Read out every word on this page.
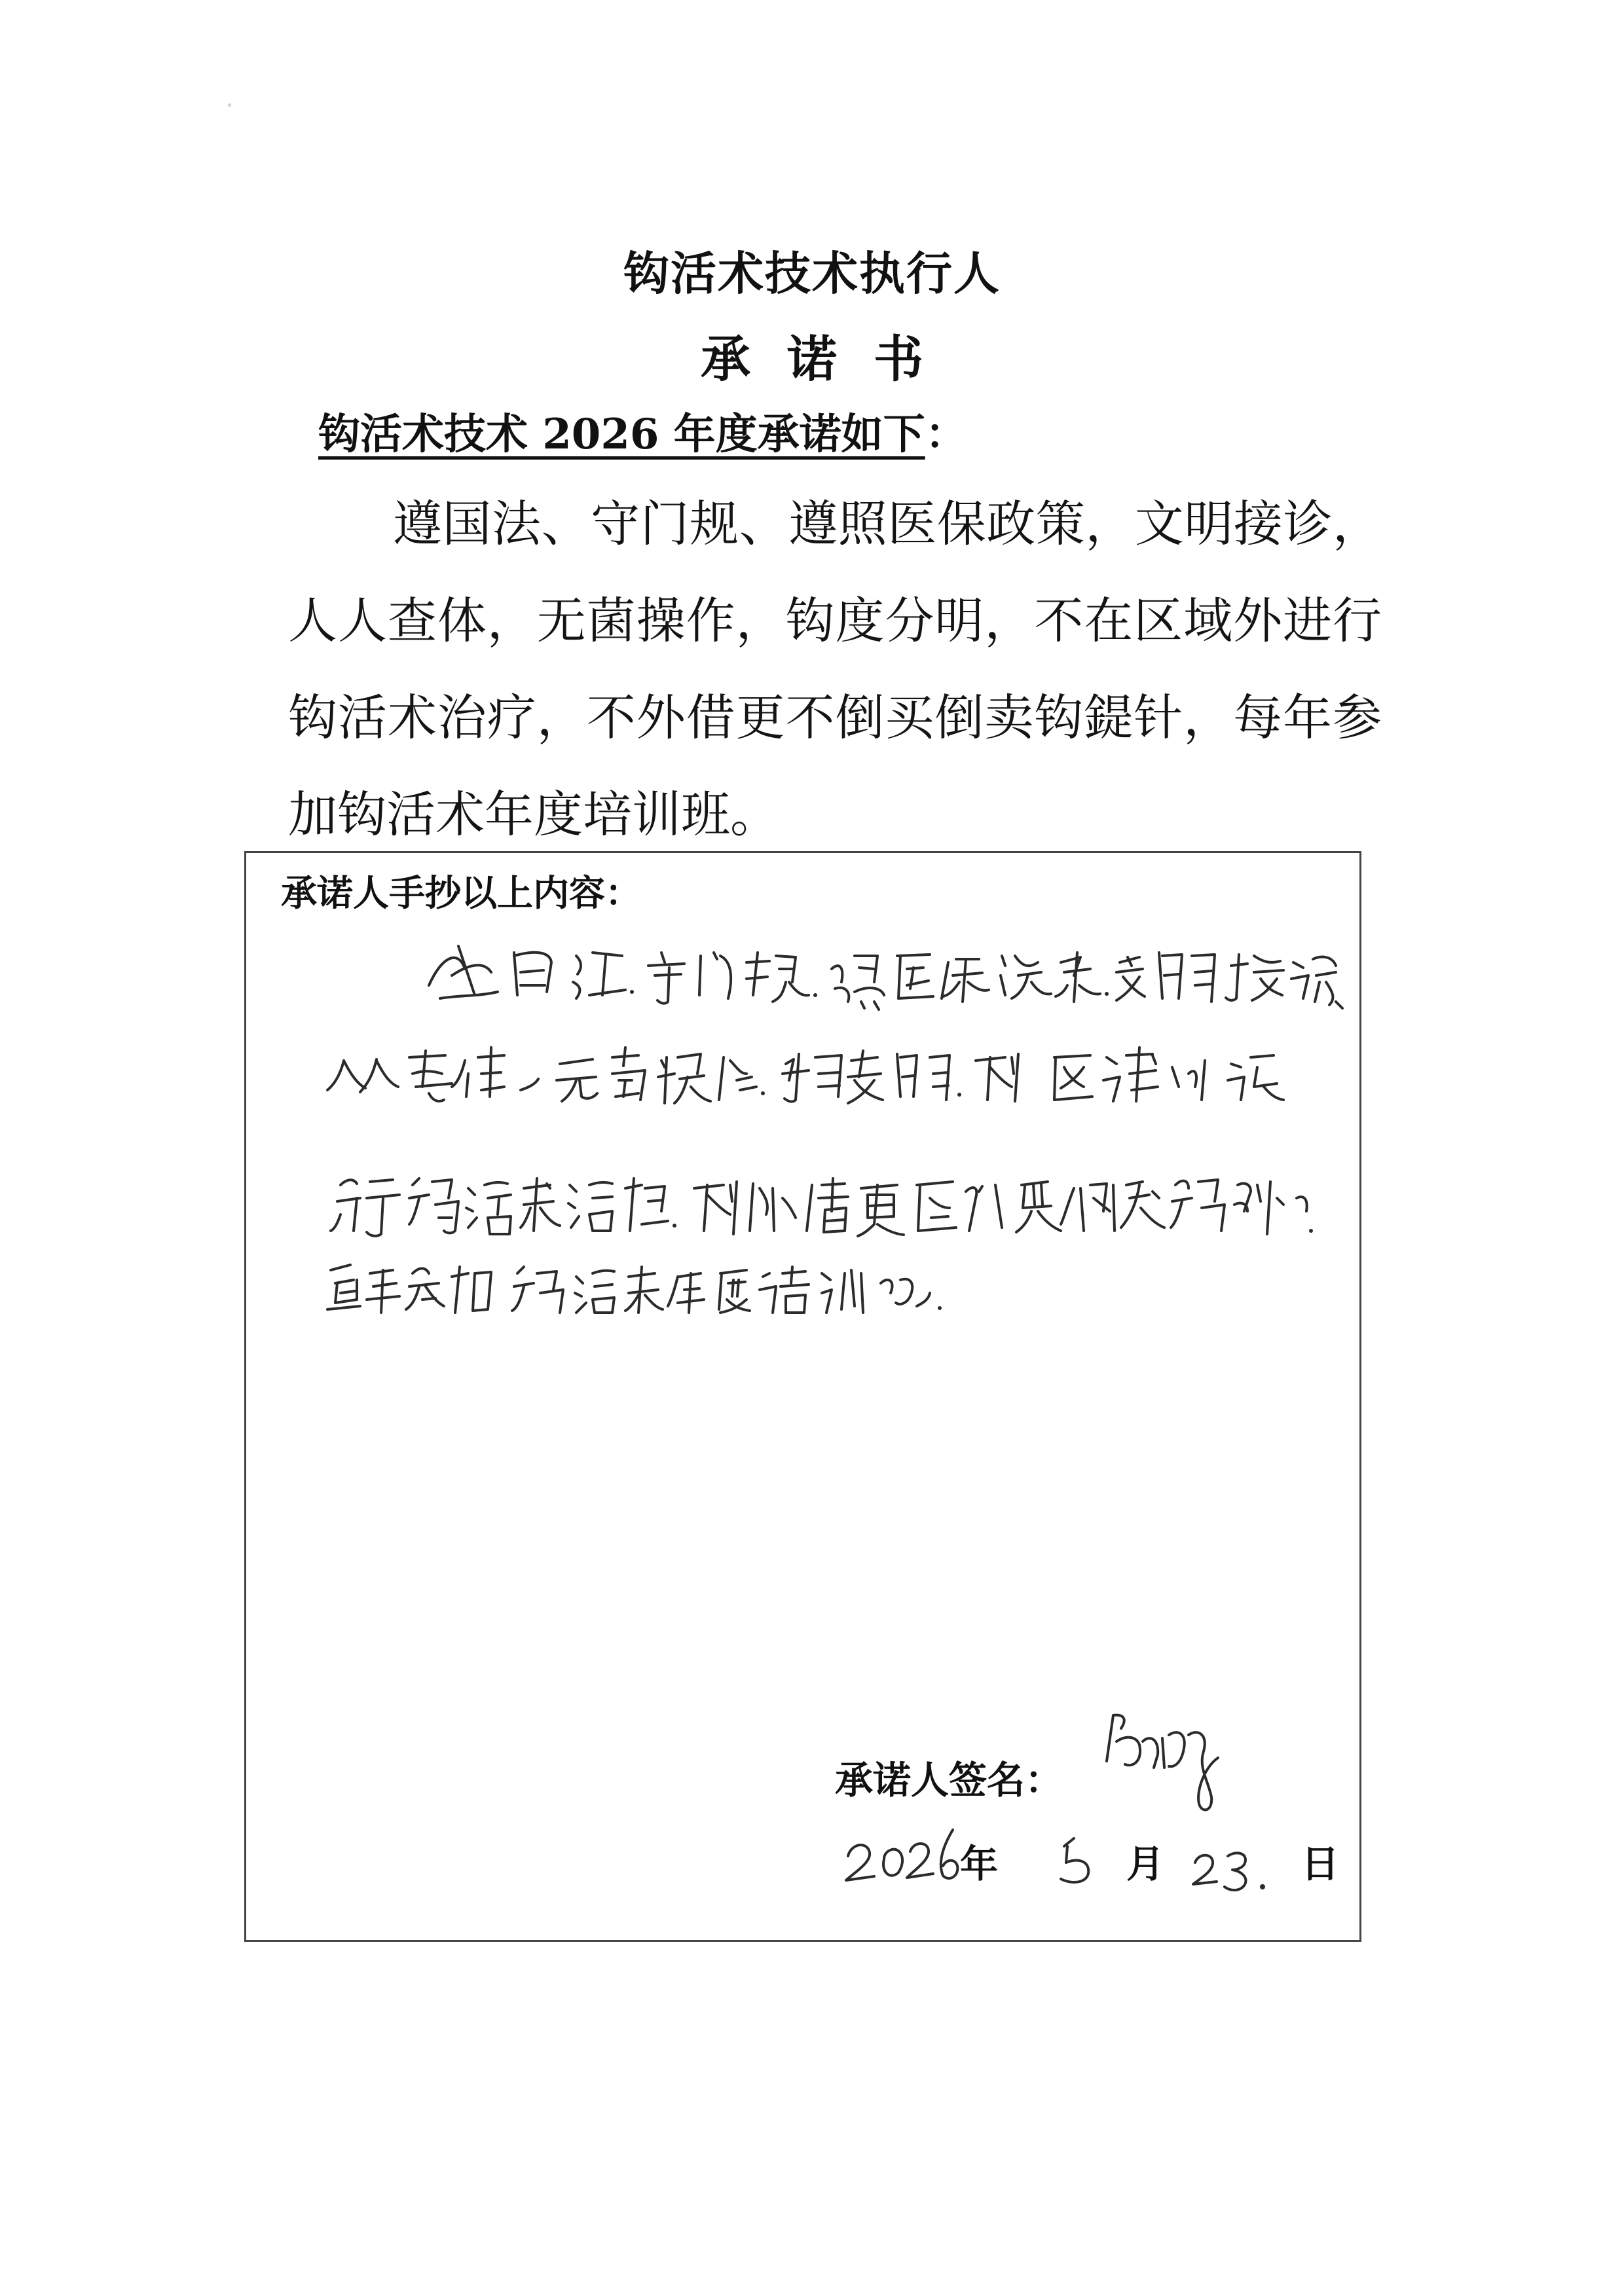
钩活术技术执行人
承诺书
钩活术技术 2026 年度承诺如下：
遵国法、守门规、遵照医保政策，文明接诊，人人查体，无菌操作，钩度分明，不在区域外进行钩活术治疗，不外借更不倒买倒卖钩鍉针，每年参加钩活术年度培训班。
承诺人手抄以上内容：
承诺人签名：
年	月	日
